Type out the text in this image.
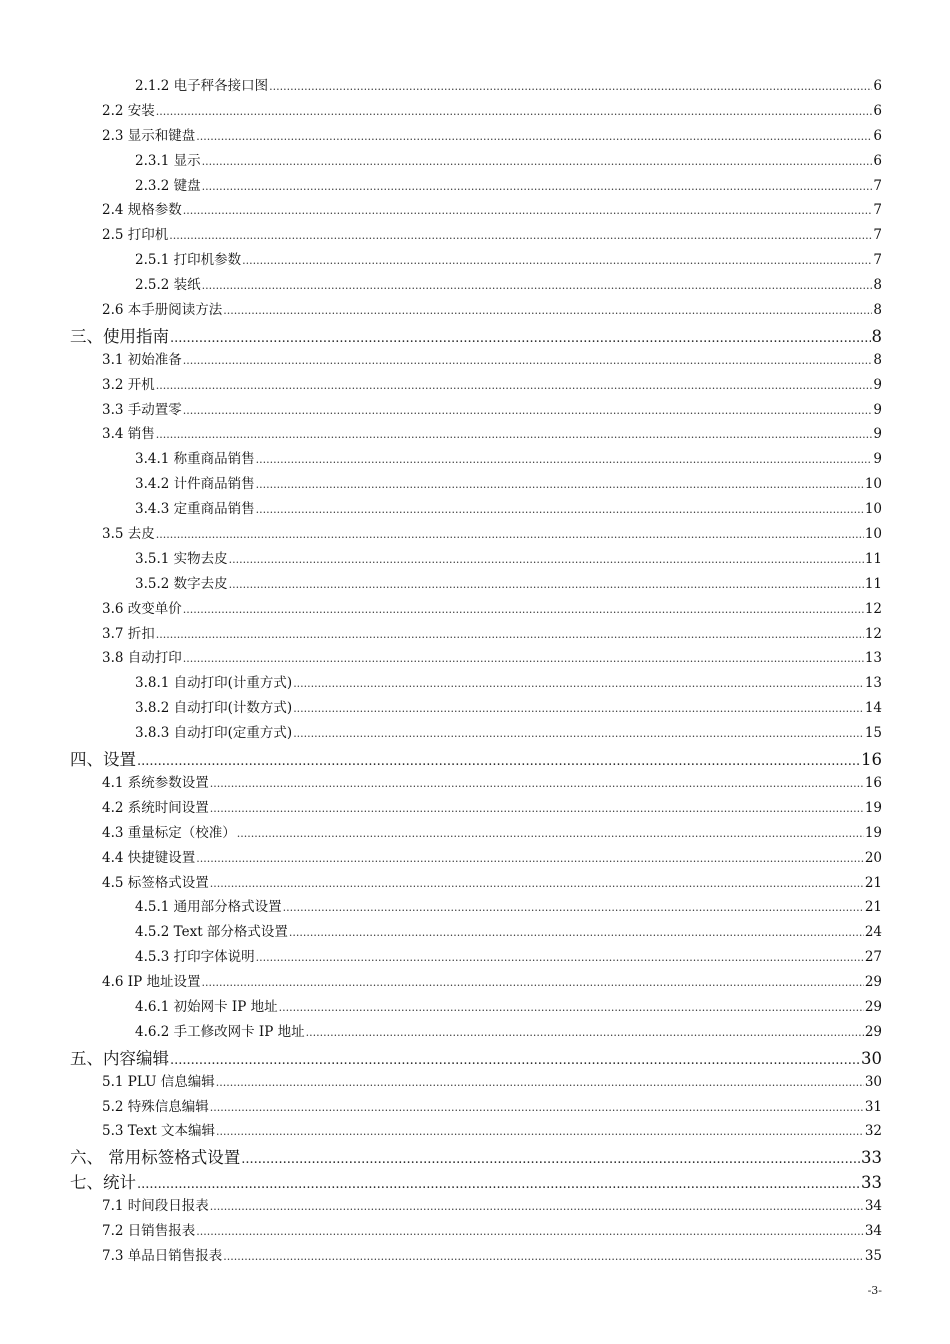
2.1.2 电子秤各接口图 .....	6
2.2 安装 .....	6
2.3 显示和键盘 .....	6
2.3.1 显示 .....	6
2.3.2 键盘 .....	7
2.4 规格参数 .....	7
2.5 打印机 .....	7
2.5.1 打印机参数 .....	7
2.5.2 装纸 .....	8
2.6 本手册阅读方法 .....	8
三、使用指南 .....	8
3.1 初始准备 .....	8
3.2 开机 .....	9
3.3 手动置零 .....	9
3.4 销售 .....	9
3.4.1 称重商品销售 .....	9
3.4.2 计件商品销售 .....	10
3.4.3 定重商品销售 .....	10
3.5 去皮 .....	10
3.5.1 实物去皮 .....	11
3.5.2 数字去皮 .....	11
3.6 改变单价 .....	12
3.7 折扣 .....	12
3.8 自动打印 .....	13
3.8.1 自动打印(计重方式) .....	13
3.8.2 自动打印(计数方式) .....	14
3.8.3 自动打印(定重方式) .....	15
四、设置 .....	16
4.1 系统参数设置 .....	16
4.2 系统时间设置 .....	19
4.3 重量标定（校准） .....	19
4.4 快捷键设置 .....	20
4.5 标签格式设置 .....	21
4.5.1 通用部分格式设置 .....	21
4.5.2 Text 部分格式设置 .....	24
4.5.3 打印字体说明 .....	27
4.6 IP 地址设置 .....	29
4.6.1 初始网卡 IP 地址 .....	29
4.6.2 手工修改网卡 IP 地址 .....	29
五、内容编辑 .....	30
5.1 PLU 信息编辑 .....	30
5.2 特殊信息编辑 .....	31
5.3 Text 文本编辑 .....	32
六、 常用标签格式设置 .....	33
七、统计 .....	33
7.1 时间段日报表 .....	34
7.2 日销售报表 .....	34
7.3 单品日销售报表 .....	35
-3-
